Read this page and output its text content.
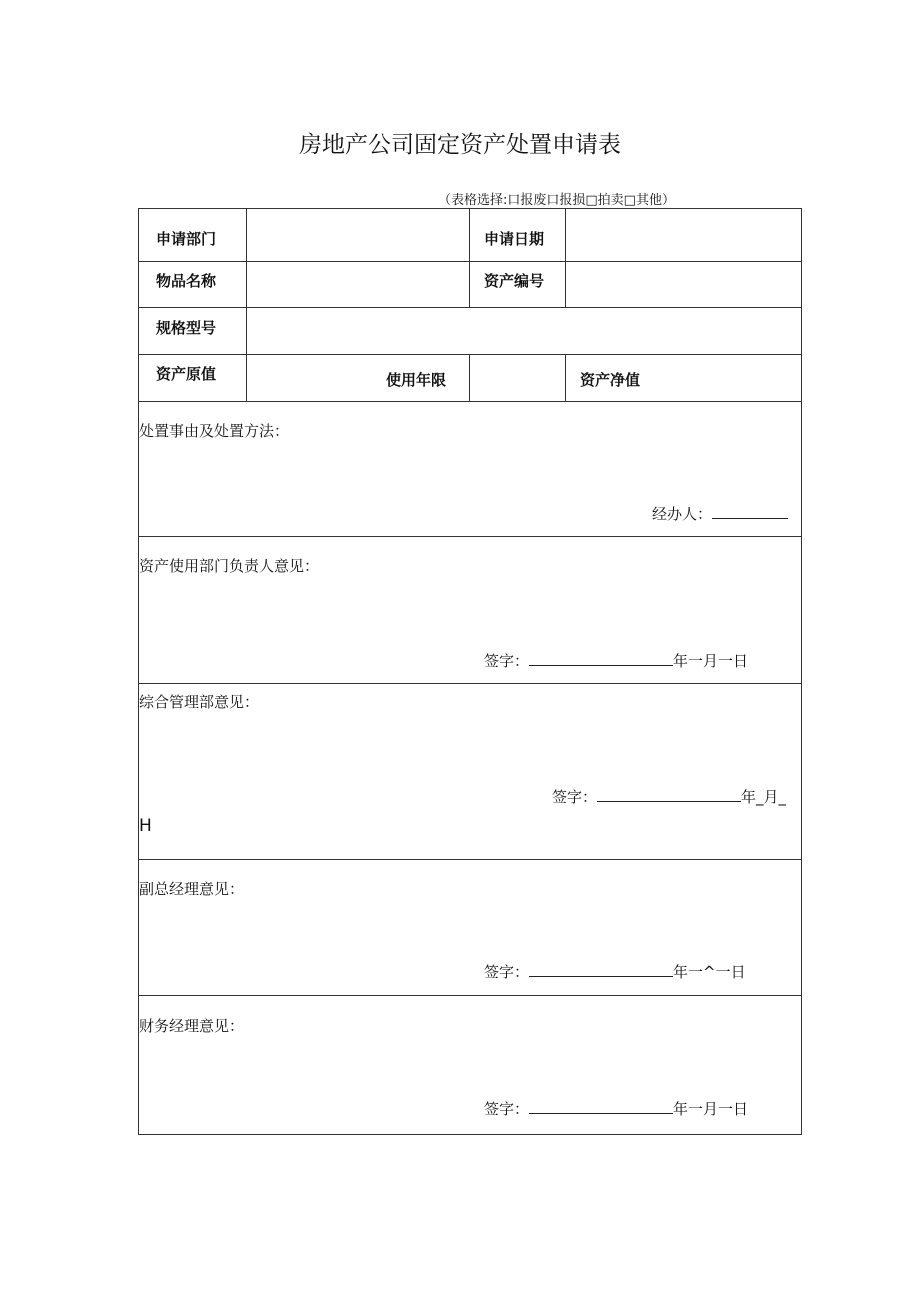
房地产公司固定资产处置申请表
（表格选择:口报废口报损□拍卖□其他）
申请部门	申请日期
物品名称	资产编号
规格型号
资产原值	使用年限	资产净值
处置事由及处置方法：
经办人：
资产使用部门负责人意见：
签字：	年一月一日
综合管理部意见：
签字：	年_月_
H
副总经理意见：
签字：	年一^一日
财务经理意见：
签字：	年一月一日
